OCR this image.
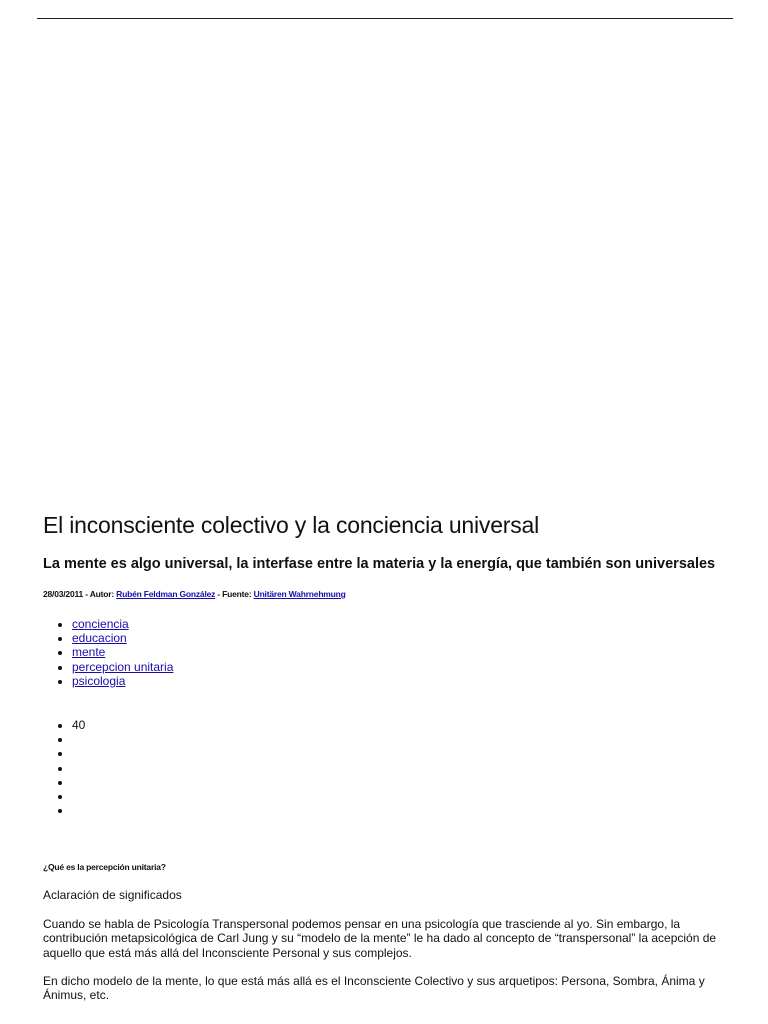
El inconsciente colectivo y la conciencia universal
La mente es algo universal, la interfase entre la materia y la energía, que también son universales
28/03/2011 - Autor: Rubén Feldman González - Fuente: Unitären Wahrnehmung
• conciencia
• educacion
• mente
• percepcion unitaria
• psicologia
• 40
•
•
•
•
•
•
¿Qué es la percepción unitaria?

Aclaración de significados

Cuando se habla de Psicología Transpersonal podemos pensar en una psicología que trasciende al yo. Sin embargo, la contribución metapsicológica de Carl Jung y su “modelo de la mente” le ha dado al concepto de “transpersonal” la acepción de aquello que está más allá del Inconsciente Personal y sus complejos.

En dicho modelo de la mente, lo que está más allá es el Inconsciente Colectivo y sus arquetipos: Persona, Sombra, Ánima y Ánimus, etc.
